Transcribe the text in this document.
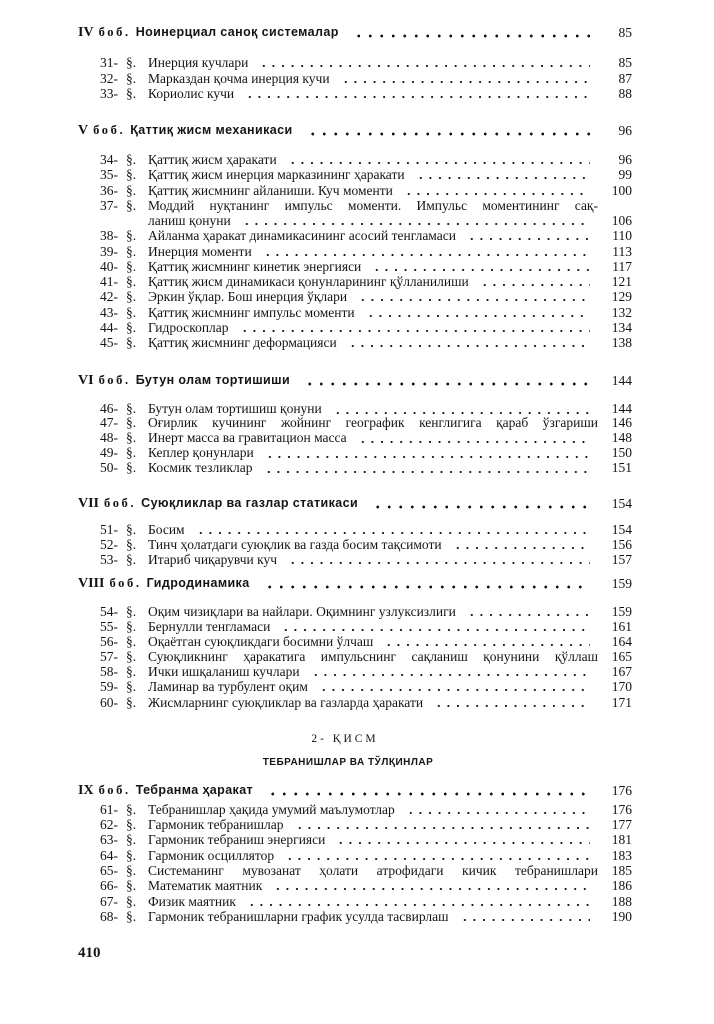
IV боб. Ноинерциал саноқ системалар	85
31- §. Инерция кучлари	85
32- §. Марказдан қочма инерция кучи	87
33- §. Кориолис кучи	88
V боб. Қаттиқ жисм механикаси	96
34- §. Қаттиқ жисм ҳаракати	96
35- §. Қаттиқ жисм инерция марказининг ҳаракати	99
36- §. Қаттиқ жисмнинг айланиши. Куч моменти	100
37- §. Моддий нуқтанинг импульс моменти. Импульс моментининг сақ-
ланиш қонуни	106
38- §. Айланма ҳаракат динамикасининг асосий тенгламаси	110
39- §. Инерция моменти	113
40- §. Қаттиқ жисмнинг кинетик энергияси	117
41- §. Қаттиқ жисм динамикаси қонунларининг қўлланилиши	121
42- §. Эркин ўқлар. Бош инерция ўқлари	129
43- §. Қаттиқ жисмнинг импульс моменти	132
44- §. Гидроскоплар	134
45- §. Қаттиқ жисмнинг деформацияси	138
VI боб. Бутун олам тортишиши	144
46- §. Бутун олам тортишиш қонуни	144
47- §. Оғирлик кучининг жойнинг географик кенглигига қараб ўзгариши	146
48- §. Инерт масса ва гравитацион масса	148
49- §. Кеплер қонунлари	150
50- §. Космик тезликлар	151
VII боб. Суюқликлар ва газлар статикаси	154
51- §. Босим	154
52- §. Тинч ҳолатдаги суюқлик ва газда босим тақсимоти	156
53- §. Итариб чиқарувчи куч	157
VIII боб. Гидродинамика	159
54- §. Оқим чизиқлари ва найлари. Оқимнинг узлуксизлиги	159
55- §. Бернулли тенгламаси	161
56- §. Оқаётган суюқликдаги босимни ўлчаш	164
57- §. Суюқликнинг ҳаракатига импульснинг сақланиш қонунини қўллаш	165
58- §. Ички ишқаланиш кучлари	167
59- §. Ламинар ва турбулент оқим	170
60- §. Жисмларнинг суюқликлар ва газларда ҳаракати	171
2- ҚИСМ
ТЕБРАНИШЛАР ВА ТЎЛҚИНЛАР
IX боб. Тебранма ҳаракат	176
61- §. Тебранишлар ҳақида умумий маълумотлар	176
62- §. Гармоник тебранишлар	177
63- §. Гармоник тебраниш энергияси	181
64- §. Гармоник осциллятор	183
65- §. Системанинг мувозанат ҳолати атрофидаги кичик тебранишлари	185
66- §. Математик маятник	186
67- §. Физик маятник	188
68- §. Гармоник тебранишларни график усулда тасвирлаш	190
410
